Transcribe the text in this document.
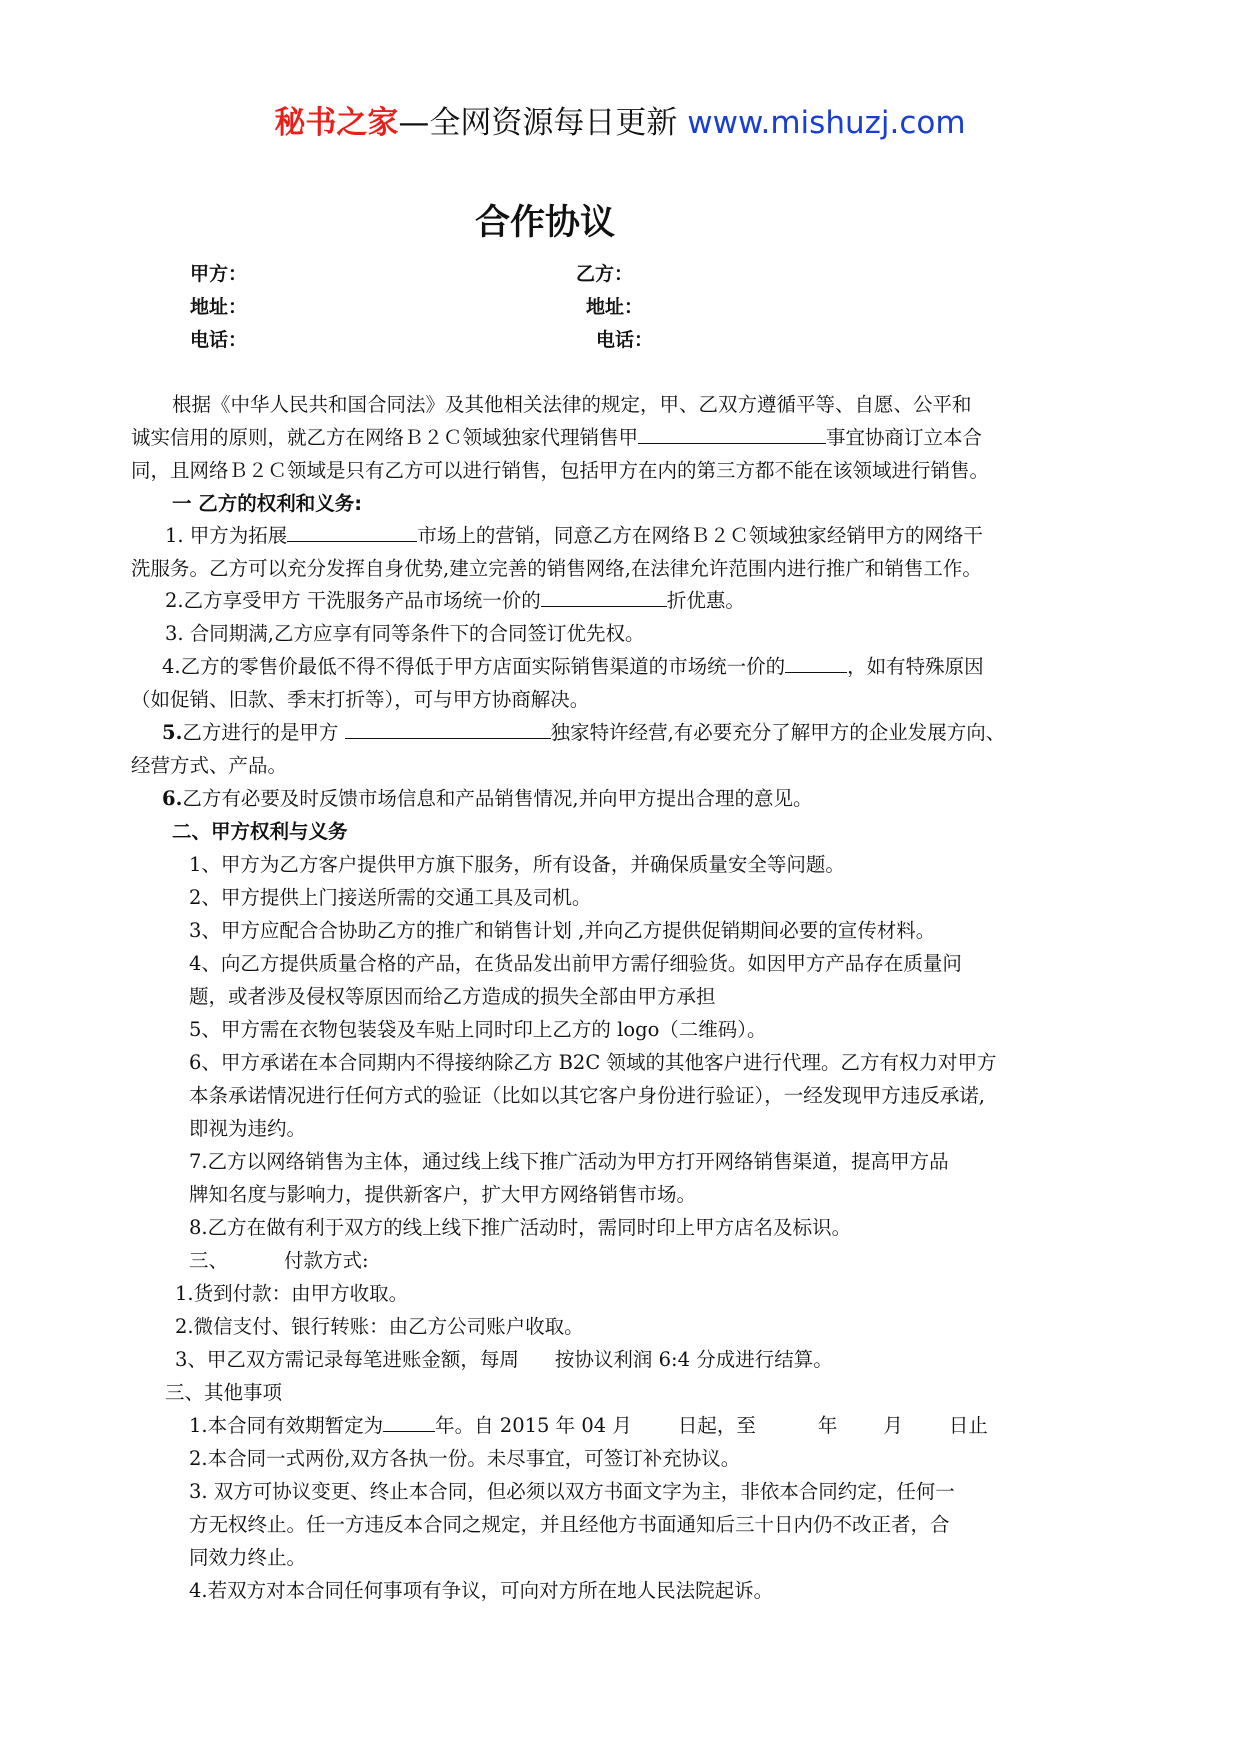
秘书之家—全网资源每日更新 www.mishuzj.com
合作协议
甲方：	乙方：
地址：	地址：
电话：	电话：
根据《中华人民共和国合同法》及其他相关法律的规定，甲、乙双方遵循平等、自愿、公平和
诚实信用的原则，就乙方在网络Ｂ２Ｃ领域独家代理销售甲	事宜协商订立本合
同，且网络Ｂ２Ｃ领域是只有乙方可以进行销售，包括甲方在内的第三方都不能在该领域进行销售。
一 乙方的权利和义务:
1. 甲方为拓展	市场上的营销，同意乙方在网络Ｂ２Ｃ领域独家经销甲方的网络干
洗服务。乙方可以充分发挥自身优势,建立完善的销售网络,在法律允许范围内进行推广和销售工作。
2.乙方享受甲方 干洗服务产品市场统一价的	折优惠。
3. 合同期满,乙方应享有同等条件下的合同签订优先权。
4.乙方的零售价最低不得不得低于甲方店面实际销售渠道的市场统一价的	，如有特殊原因
（如促销、旧款、季末打折等），可与甲方协商解决。
5.乙方进行的是甲方	独家特许经营,有必要充分了解甲方的企业发展方向、
经营方式、产品。
6.乙方有必要及时反馈市场信息和产品销售情况,并向甲方提出合理的意见。
二、甲方权利与义务
1、甲方为乙方客户提供甲方旗下服务，所有设备，并确保质量安全等问题。
2、甲方提供上门接送所需的交通工具及司机。
3、甲方应配合合协助乙方的推广和销售计划 ,并向乙方提供促销期间必要的宣传材料。
4、向乙方提供质量合格的产品，在货品发出前甲方需仔细验货。如因甲方产品存在质量问
题，或者涉及侵权等原因而给乙方造成的损失全部由甲方承担
5、甲方需在衣物包装袋及车贴上同时印上乙方的 logo（二维码）。
6、甲方承诺在本合同期内不得接纳除乙方 B2C 领域的其他客户进行代理。乙方有权力对甲方
本条承诺情况进行任何方式的验证（比如以其它客户身份进行验证），一经发现甲方违反承诺,
即视为违约。
7.乙方以网络销售为主体，通过线上线下推广活动为甲方打开网络销售渠道，提高甲方品
牌知名度与影响力，提供新客户，扩大甲方网络销售市场。
8.乙方在做有利于双方的线上线下推广活动时，需同时印上甲方店名及标识。
三、	付款方式:
1.货到付款：由甲方收取。
2.微信支付、银行转账：由乙方公司账户收取。
3、甲乙双方需记录每笔进账金额，每周 按协议利润 6:4 分成进行结算。
三、其他事项
1.本合同有效期暂定为	年。自 2015 年 04 月 日起，至	年 月 日止
2.本合同一式两份,双方各执一份。未尽事宜，可签订补充协议。
3. 双方可协议变更、终止本合同，但必须以双方书面文字为主，非依本合同约定，任何一
方无权终止。任一方违反本合同之规定，并且经他方书面通知后三十日内仍不改正者，合
同效力终止。
4.若双方对本合同任何事项有争议，可向对方所在地人民法院起诉。
